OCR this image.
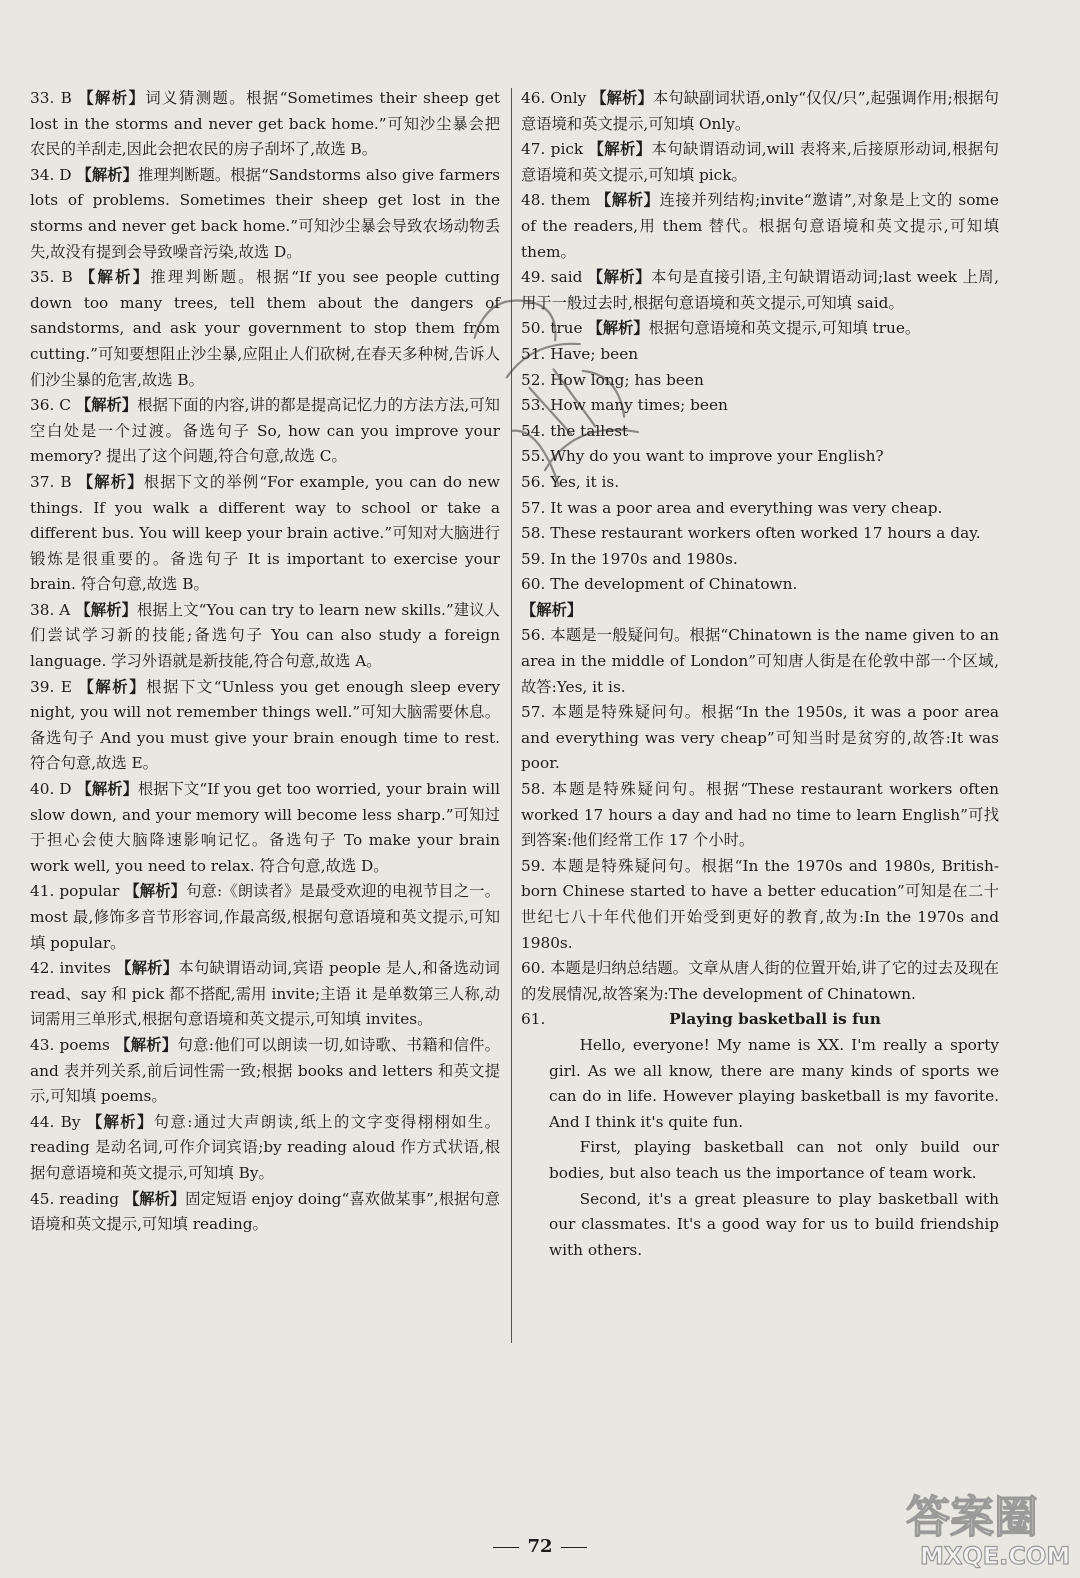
33. B 【解析】词义猜测题。根据“Sometimes their sheep get lost in the storms and never get back home.”可知沙尘暴会把农民的羊刮走,因此会把农民的房子刮坏了,故选 B。
34. D 【解析】推理判断题。根据“Sandstorms also give farmers lots of problems. Sometimes their sheep get lost in the storms and never get back home.”可知沙尘暴会导致农场动物丢失,故没有提到会导致噪音污染,故选 D。
35. B 【解析】推理判断题。根据“If you see people cutting down too many trees, tell them about the dangers of sandstorms, and ask your government to stop them from cutting.”可知要想阻止沙尘暴,应阻止人们砍树,在春天多种树,告诉人们沙尘暴的危害,故选 B。
36. C 【解析】根据下面的内容,讲的都是提高记忆力的方法方法,可知空白处是一个过渡。备选句子 So, how can you improve your memory? 提出了这个问题,符合句意,故选 C。
37. B 【解析】根据下文的举例“For example, you can do new things. If you walk a different way to school or take a different bus. You will keep your brain active.”可知对大脑进行锻炼是很重要的。备选句子 It is important to exercise your brain. 符合句意,故选 B。
38. A 【解析】根据上文“You can try to learn new skills.”建议人们尝试学习新的技能;备选句子 You can also study a foreign language. 学习外语就是新技能,符合句意,故选 A。
39. E 【解析】根据下文“Unless you get enough sleep every night, you will not remember things well.”可知大脑需要休息。备选句子 And you must give your brain enough time to rest. 符合句意,故选 E。
40. D 【解析】根据下文“If you get too worried, your brain will slow down, and your memory will become less sharp.”可知过于担心会使大脑降速影响记忆。备选句子 To make your brain work well, you need to relax. 符合句意,故选 D。
41. popular 【解析】句意:《朗读者》是最受欢迎的电视节目之一。most 最,修饰多音节形容词,作最高级,根据句意语境和英文提示,可知填 popular。
42. invites 【解析】本句缺谓语动词,宾语 people 是人,和备选动词 read、say 和 pick 都不搭配,需用 invite;主语 it 是单数第三人称,动词需用三单形式,根据句意语境和英文提示,可知填 invites。
43. poems 【解析】句意:他们可以朗读一切,如诗歌、书籍和信件。and 表并列关系,前后词性需一致;根据 books and letters 和英文提示,可知填 poems。
44. By 【解析】句意:通过大声朗读,纸上的文字变得栩栩如生。reading 是动名词,可作介词宾语;by reading aloud 作方式状语,根据句意语境和英文提示,可知填 By。
45. reading 【解析】固定短语 enjoy doing“喜欢做某事”,根据句意语境和英文提示,可知填 reading。
46. Only 【解析】本句缺副词状语,only“仅仅/只”,起强调作用;根据句意语境和英文提示,可知填 Only。
47. pick 【解析】本句缺谓语动词,will 表将来,后接原形动词,根据句意语境和英文提示,可知填 pick。
48. them 【解析】连接并列结构;invite“邀请”,对象是上文的 some of the readers,用 them 替代。根据句意语境和英文提示,可知填 them。
49. said 【解析】本句是直接引语,主句缺谓语动词;last week 上周,用于一般过去时,根据句意语境和英文提示,可知填 said。
50. true 【解析】根据句意语境和英文提示,可知填 true。
51. Have; been
52. How long; has been
53. How many times; been
54. the tallest
55. Why do you want to improve your English?
56. Yes, it is.
57. It was a poor area and everything was very cheap.
58. These restaurant workers often worked 17 hours a day.
59. In the 1970s and 1980s.
60. The development of Chinatown.
【解析】
56. 本题是一般疑问句。根据“Chinatown is the name given to an area in the middle of London”可知唐人街是在伦敦中部一个区域,故答:Yes, it is.
57. 本题是特殊疑问句。根据“In the 1950s, it was a poor area and everything was very cheap”可知当时是贫穷的,故答:It was poor.
58. 本题是特殊疑问句。根据“These restaurant workers often worked 17 hours a day and had no time to learn English”可找到答案:他们经常工作 17 个小时。
59. 本题是特殊疑问句。根据“In the 1970s and 1980s, British-born Chinese started to have a better education”可知是在二十世纪七八十年代他们开始受到更好的教育,故为:In the 1970s and 1980s.
60. 本题是归纳总结题。文章从唐人街的位置开始,讲了它的过去及现在的发展情况,故答案为:The development of Chinatown.
61.	Playing basketball is fun
Hello, everyone! My name is XX. I'm really a sporty girl. As we all know, there are many kinds of sports we can do in life. However playing basketball is my favorite. And I think it's quite fun.
First, playing basketball can not only build our bodies, but also teach us the importance of team work.
Second, it's a great pleasure to play basketball with our classmates. It's a good way for us to build friendship with others.
72
答案圈
MXQE.COM
